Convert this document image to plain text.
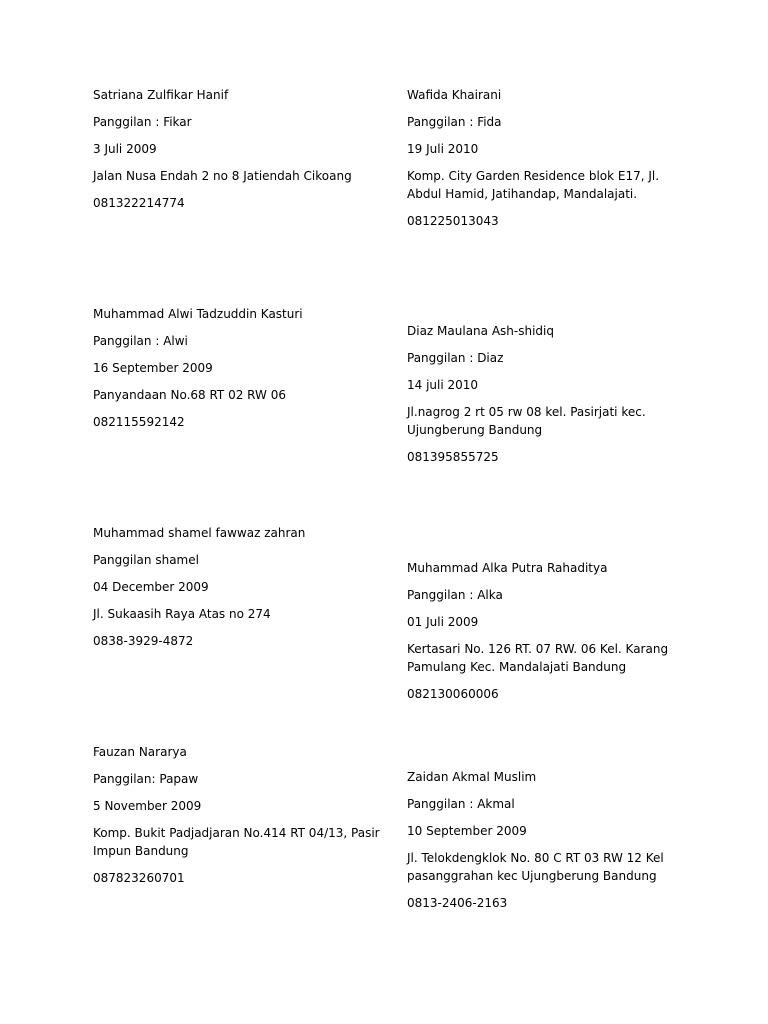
Satriana Zulfikar Hanif
Panggilan : Fikar
3 Juli 2009
Jalan Nusa Endah 2 no 8 Jatiendah Cikoang
081322214774
Wafida Khairani
Panggilan : Fida
19 Juli 2010
Komp. City Garden Residence blok E17, Jl. Abdul Hamid, Jatihandap, Mandalajati.
081225013043
Muhammad Alwi Tadzuddin Kasturi
Panggilan : Alwi
16 September 2009
Panyandaan No.68 RT 02 RW 06
082115592142
Diaz Maulana Ash-shidiq
Panggilan : Diaz
14 juli 2010
Jl.nagrog 2 rt 05 rw 08 kel. Pasirjati kec. Ujungberung Bandung
081395855725
Muhammad shamel fawwaz zahran
Panggilan shamel
04 December 2009
Jl. Sukaasih Raya Atas no 274
0838-3929-4872
Muhammad Alka Putra Rahaditya
Panggilan : Alka
01 Juli 2009
Kertasari No. 126 RT. 07 RW. 06 Kel. Karang Pamulang Kec. Mandalajati Bandung
082130060006
Fauzan Nararya
Panggilan: Papaw
5 November 2009
Komp. Bukit Padjadjaran No.414 RT 04/13, Pasir Impun Bandung
087823260701
Zaidan Akmal Muslim
Panggilan : Akmal
10 September 2009
Jl. Telokdengklok No. 80 C RT 03 RW 12 Kel pasanggrahan kec Ujungberung Bandung
0813-2406-2163
